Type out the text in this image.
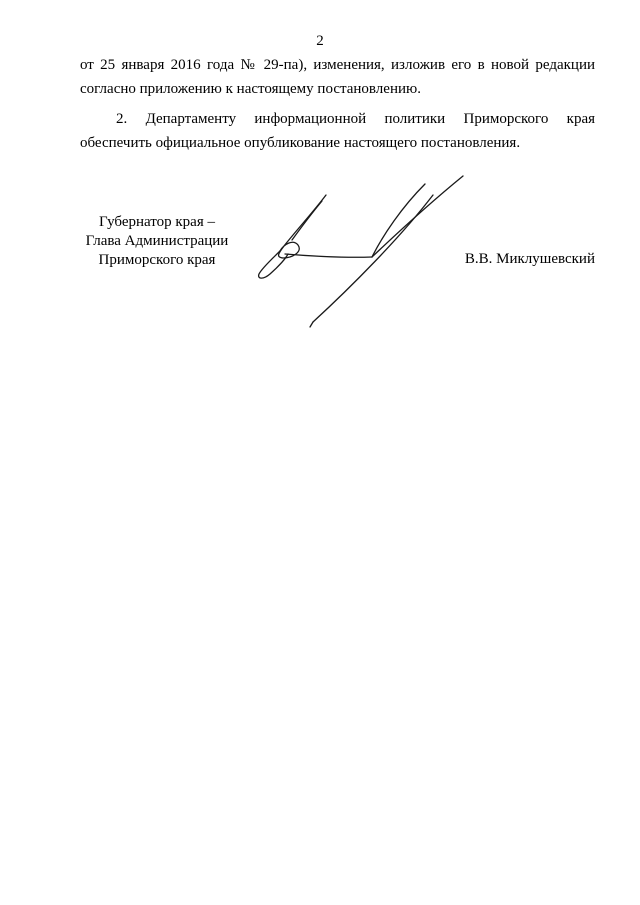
2
от 25 января 2016 года № 29-па), изменения, изложив его в новой редакции
согласно приложению к настоящему постановлению.
2. Департаменту информационной политики Приморского края
обеспечить официальное опубликование настоящего постановления.
Губернатор края –
Глава Администрации
Приморского края	В.В. Миклушевский
